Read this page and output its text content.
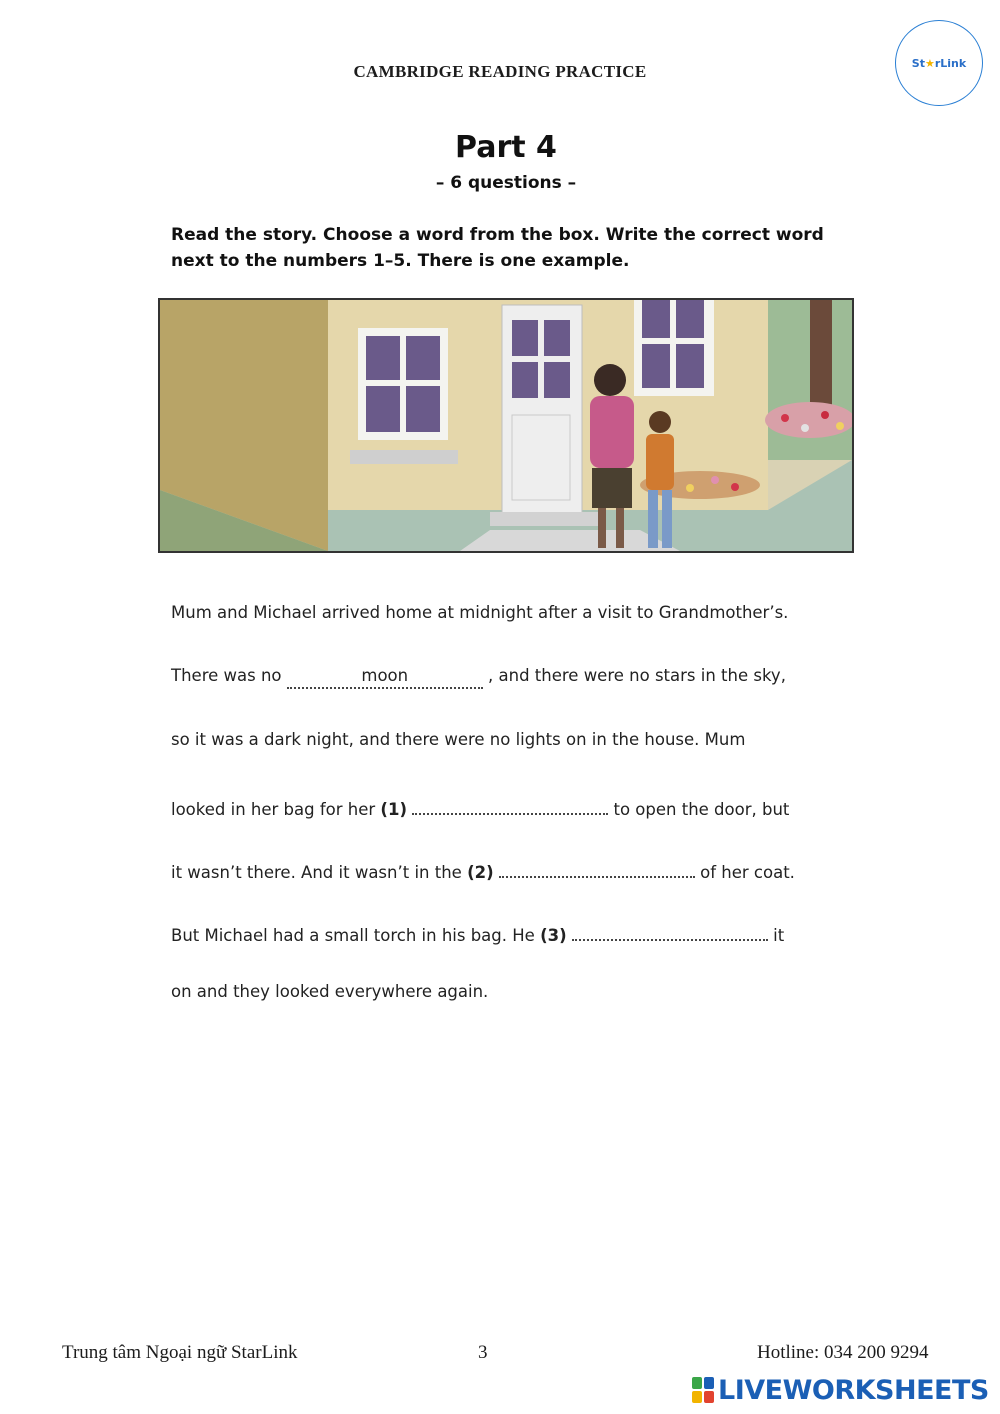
CAMBRIDGE READING PRACTICE	St ★ rLink
Part 4
– 6 questions –
Read the story. Choose a word from the box. Write the correct word next to the numbers 1–5. There is one example.
Mum and Michael arrived home at midnight after a visit to Grandmother’s.
There was no	moon	, and there were no stars in the sky,
so it was a dark night, and there were no lights on in the house. Mum
looked in her bag for her (1)	to open the door, but
it wasn’t there. And it wasn’t in the (2)	of her coat.
But Michael had a small torch in his bag. He (3)	it
on and they looked everywhere again.
Trung tâm Ngoại ngữ StarLink	3	Hotline: 034 200 9294
LIVEWORKSHEETS
